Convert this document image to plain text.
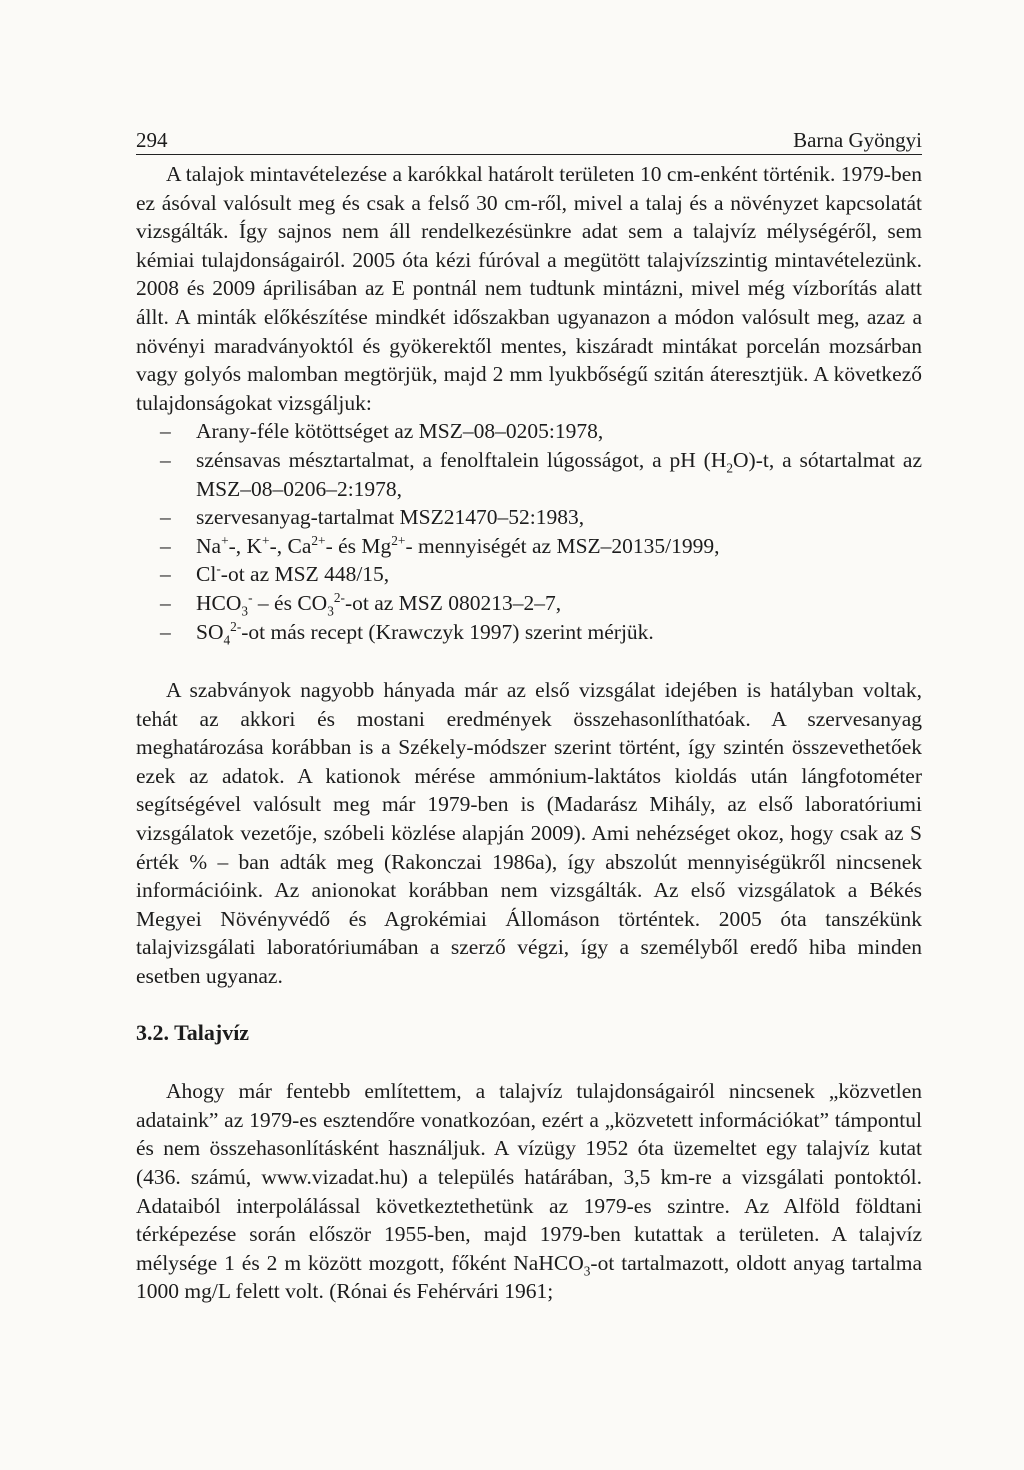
294	Barna Gyöngyi

A talajok mintavételezése a karókkal határolt területen 10 cm-enként történik. 1979-ben ez ásóval valósult meg és csak a felső 30 cm-ről, mivel a talaj és a növényzet kapcsolatát vizsgálták. Így sajnos nem áll rendelkezésünkre adat sem a talajvíz mélységéről, sem kémiai tulajdonságairól. 2005 óta kézi fúróval a megütött talajvízszintig mintavételezünk. 2008 és 2009 áprilisában az E pontnál nem tudtunk mintázni, mivel még vízborítás alatt állt. A minták előkészítése mindkét időszakban ugyanazon a módon valósult meg, azaz a növényi maradványoktól és gyökerektől mentes, kiszáradt mintákat porcelán mozsárban vagy golyós malomban megtörjük, majd 2 mm lyukbőségű szitán áteresztjük. A következő tulajdonságokat vizsgáljuk:

– Arany-féle kötöttséget az MSZ–08–0205:1978,
– szénsavas mésztartalmat, a fenolftalein lúgosságot, a pH $(H_2O)-t$, a sótartalmat az MSZ–08–0206–2:1978,
– szervesanyag-tartalmat MSZ21470–52:1983,
– Na+-, K+-, $Ca^{2+}-$ és $Mg^{2+}-$ mennyiségét az MSZ–20135/1999,
– Cl--ot az MSZ 448/15,
– $HCO_3^-$ – és $CO_3^{2-}-ot$ az MSZ 080213–2–7,
– $SO_4^{2-}-ot$ más recept (Krawczyk 1997) szerint mérjük.

A szabványok nagyobb hányada már az első vizsgálat idejében is hatályban voltak, tehát az akkori és mostani eredmények összehasonlíthatóak. A szervesanyag meghatározása korábban is a Székely-módszer szerint történt, így szintén összevethetőek ezek az adatok. A kationok mérése ammónium-laktátos kioldás után lángfotométer segítségével valósult meg már 1979-ben is (Madarász Mihály, az első laboratóriumi vizsgálatok vezetője, szóbeli közlése alapján 2009). Ami nehézséget okoz, hogy csak az S érték % – ban adták meg (Rakonczai 1986a), így abszolút mennyiségükről nincsenek információink. Az anionokat korábban nem vizsgálták. Az első vizsgálatok a Békés Megyei Növényvédő és Agrokémiai Állomáson történtek. 2005 óta tanszékünk talajvizsgálati laboratóriumában a szerző végzi, így a személyből eredő hiba minden esetben ugyanaz.

3.2. Talajvíz

Ahogy már fentebb említettem, a talajvíz tulajdonságairól nincsenek „közvetlen adataink” az 1979-es esztendőre vonatkozóan, ezért a „közvetett információkat” támpontul és nem összehasonlításként használjuk. A vízügy 1952 óta üzemeltet egy talajvíz kutat (436. számú, www.vizadat.hu) a település határában, 3,5 km-re a vizsgálati pontoktól. Adataiból interpolálással következtethetünk az 1979-es szintre. Az Alföld földtani térképezése során először 1955-ben, majd 1979-ben kutattak a területen. A talajvíz mélysége 1 és 2 m között mozgott, főként NaHCO$_3$-ot tartalmazott, oldott anyag tartalma 1000 mg/L felett volt. (Rónai és Fehérvári 1961;
